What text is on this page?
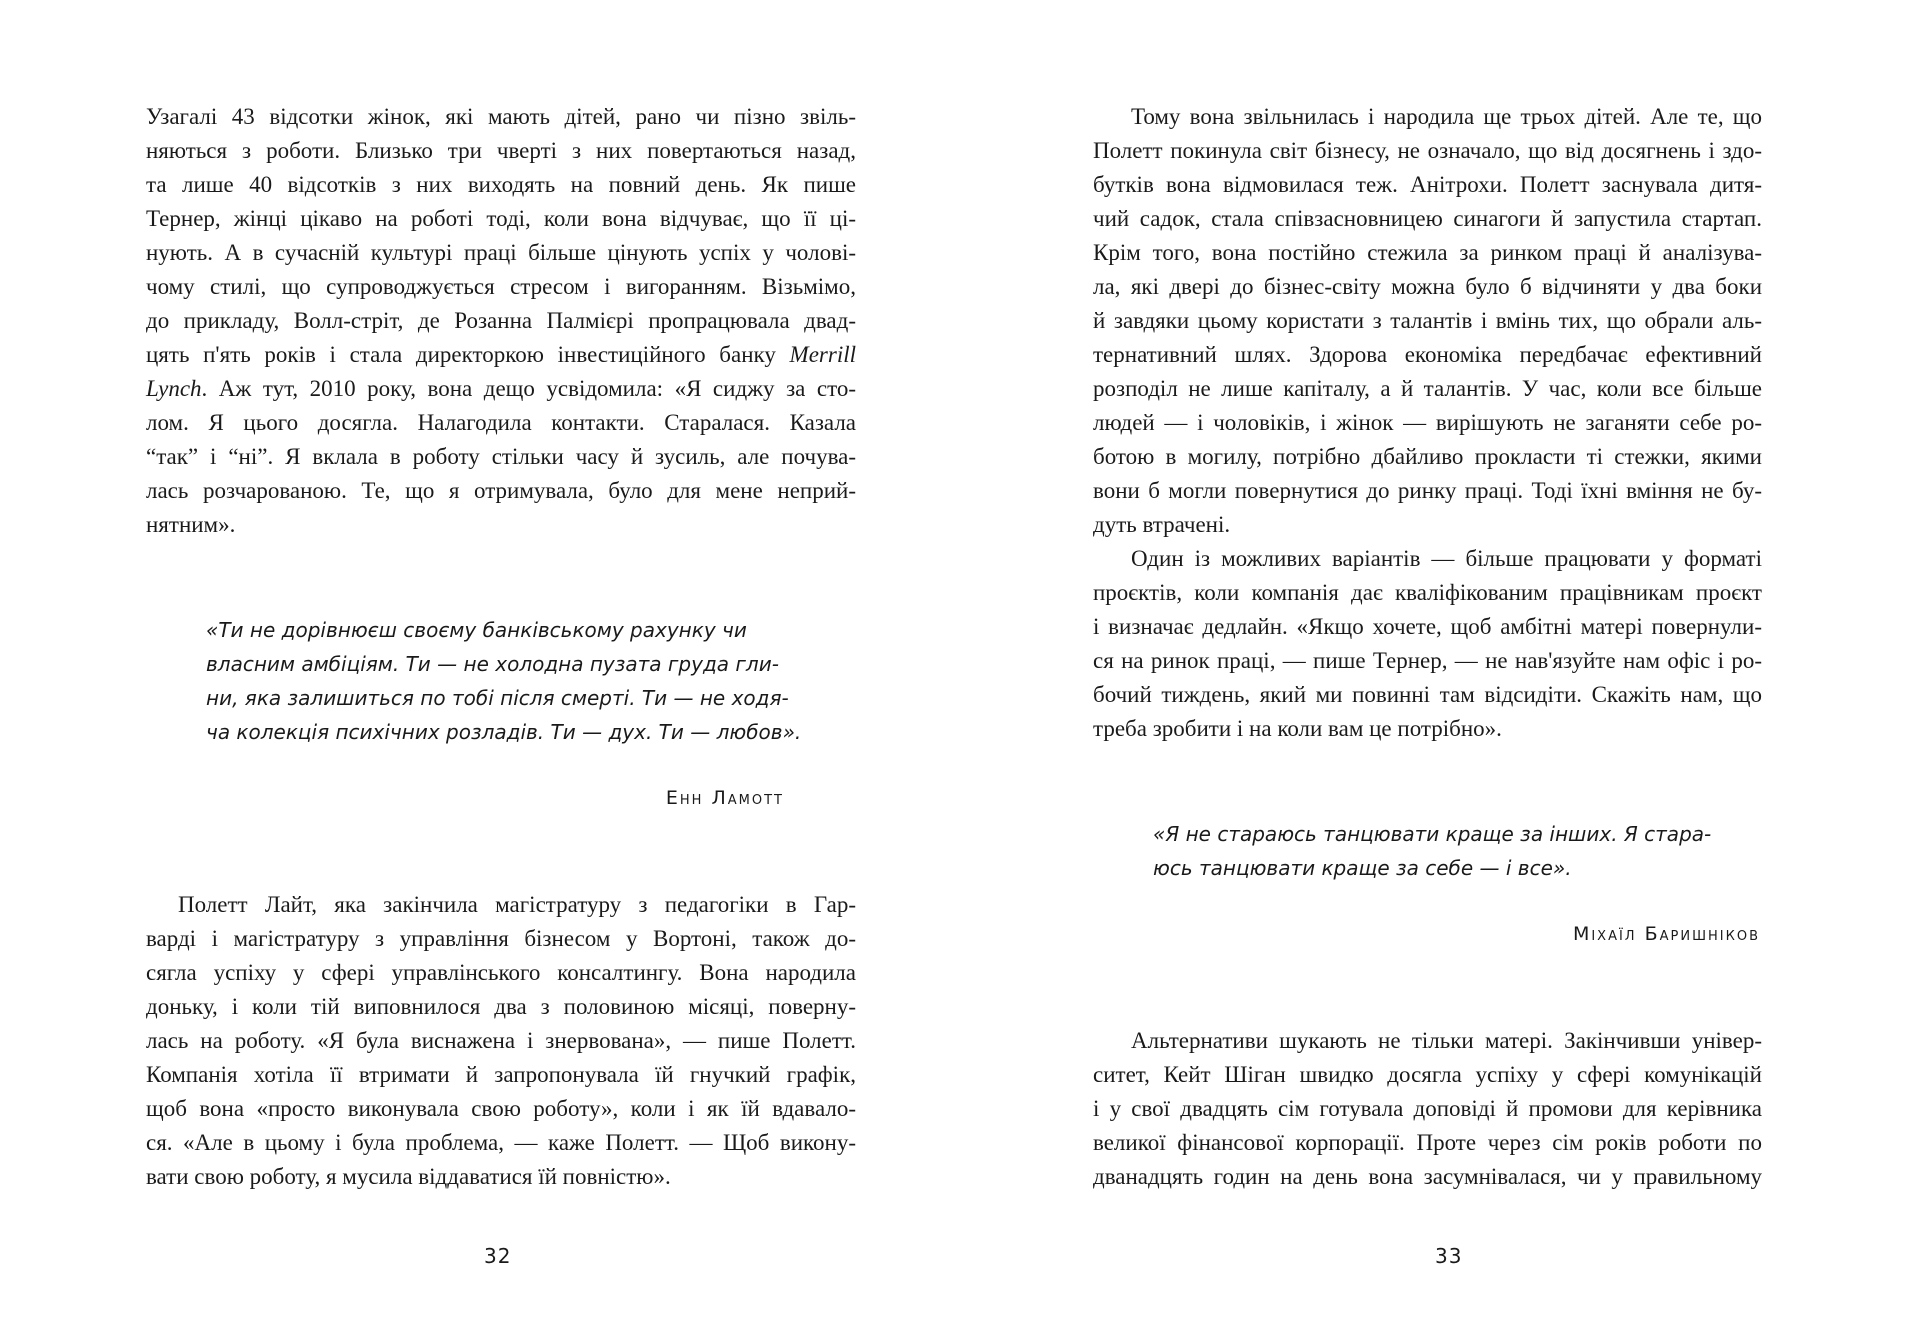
Узагалі 43 відсотки жінок, які мають дітей, рано чи пізно звіль-
няються з роботи. Близько три чверті з них повертаються назад,
та лише 40 відсотків з них виходять на повний день. Як пише
Тернер, жінці цікаво на роботі тоді, коли вона відчуває, що її ці-
нують. А в сучасній культурі праці більше цінують успіх у чолові-
чому стилі, що супроводжується стресом і вигоранням. Візьмімо,
до прикладу, Волл-стріт, де Розанна Палмієрі пропрацювала двад-
цять п'ять років і стала директоркою інвестиційного банку Merrill
Lynch. Аж тут, 2010 року, вона дещо усвідомила: «Я сиджу за сто-
лом. Я цього досягла. Налагодила контакти. Старалася. Казала
“так” і “ні”. Я вклала в роботу стільки часу й зусиль, але почува-
лась розчарованою. Те, що я отримувала, було для мене неприй-
нятним».
«Ти не дорівнюєш своєму банківському рахунку чи
власним амбіціям. Ти — не холодна пузата груда гли-
ни, яка залишиться по тобі після смерті. Ти — не ходя-
ча колекція психічних розладів. Ти — дух. Ти — любов».
Енн Ламотт
Полетт Лайт, яка закінчила магістратуру з педагогіки в Гар-
варді і магістратуру з управління бізнесом у Вортоні, також до-
сягла успіху у сфері управлінського консалтингу. Вона народила
доньку, і коли тій виповнилося два з половиною місяці, поверну-
лась на роботу. «Я була виснажена і знервована», — пише Полетт.
Компанія хотіла її втримати й запропонувала їй гнучкий графік,
щоб вона «просто виконувала свою роботу», коли і як їй вдавало-
ся. «Але в цьому і була проблема, — каже Полетт. — Щоб викону-
вати свою роботу, я мусила віддаватися їй повністю».
32
Тому вона звільнилась і народила ще трьох дітей. Але те, що
Полетт покинула світ бізнесу, не означало, що від досягнень і здо-
бутків вона відмовилася теж. Анітрохи. Полетт заснувала дитя-
чий садок, стала співзасновницею синагоги й запустила стартап.
Крім того, вона постійно стежила за ринком праці й аналізува-
ла, які двері до бізнес-світу можна було б відчиняти у два боки
й завдяки цьому користати з талантів і вмінь тих, що обрали аль-
тернативний шлях. Здорова економіка передбачає ефективний
розподіл не лише капіталу, а й талантів. У час, коли все більше
людей — і чоловіків, і жінок — вирішують не заганяти себе ро-
ботою в могилу, потрібно дбайливо прокласти ті стежки, якими
вони б могли повернутися до ринку праці. Тоді їхні вміння не бу-
дуть втрачені.
Один із можливих варіантів — більше працювати у форматі
проєктів, коли компанія дає кваліфікованим працівникам проєкт
і визначає дедлайн. «Якщо хочете, щоб амбітні матері повернули-
ся на ринок праці, — пише Тернер, — не нав'язуйте нам офіс і ро-
бочий тиждень, який ми повинні там відсидіти. Скажіть нам, що
треба зробити і на коли вам це потрібно».
«Я не стараюсь танцювати краще за інших. Я стара-
юсь танцювати краще за себе — і все».
Міхаїл Баришніков
Альтернативи шукають не тільки матері. Закінчивши універ-
ситет, Кейт Шіган швидко досягла успіху у сфері комунікацій
і у свої двадцять сім готувала доповіді й промови для керівника
великої фінансової корпорації. Проте через сім років роботи по
дванадцять годин на день вона засумнівалася, чи у правильному
33
